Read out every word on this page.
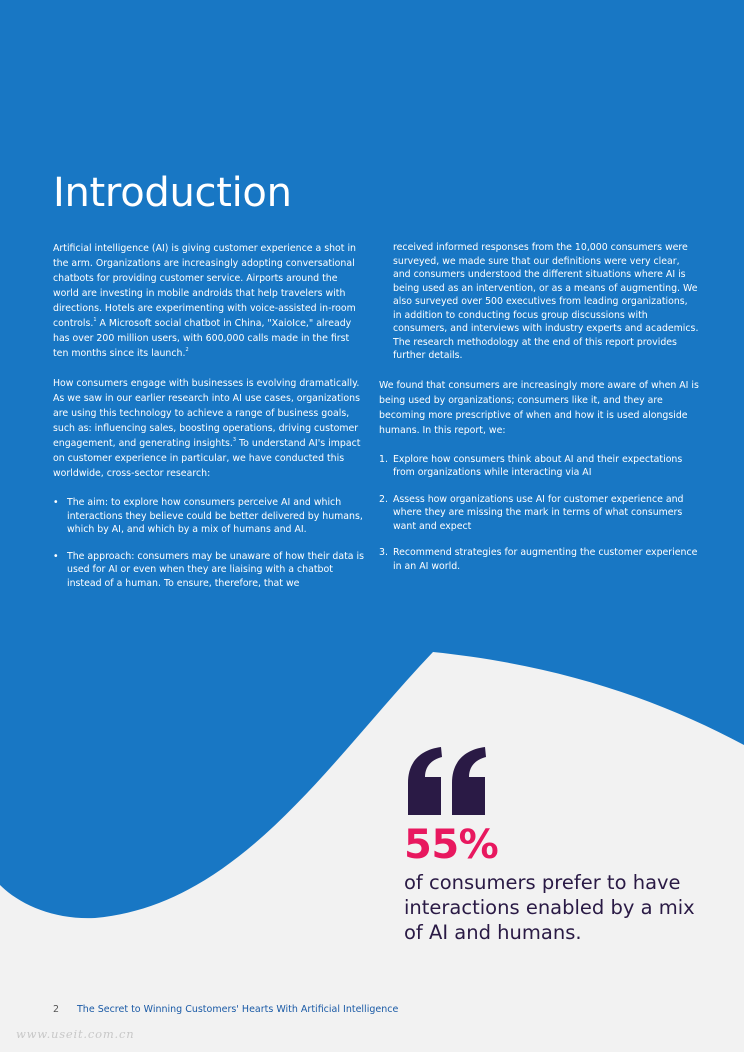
Introduction

Artificial intelligence (AI) is giving customer experience a shot in the arm. Organizations are increasingly adopting conversational chatbots for providing customer service. Airports around the world are investing in mobile androids that help travelers with directions. Hotels are experimenting with voice-assisted in-room controls.$^1$ A Microsoft social chatbot in China, "XaioIce," already has over 200 million users, with 600,000 calls made in the first ten months since its launch.$^2$

How consumers engage with businesses is evolving dramatically. As we saw in our earlier research into AI use cases, organizations are using this technology to achieve a range of business goals, such as: influencing sales, boosting operations, driving customer engagement, and generating insights.$^3$ To understand AI's impact on customer experience in particular, we have conducted this worldwide, cross-sector research:

• The aim: to explore how consumers perceive AI and which interactions they believe could be better delivered by humans, which by AI, and which by a mix of humans and AI.
• The approach: consumers may be unaware of how their data is used for AI or even when they are liaising with a chatbot instead of a human. To ensure, therefore, that we

received informed responses from the 10,000 consumers were surveyed, we made sure that our definitions were very clear, and consumers understood the different situations where AI is being used as an intervention, or as a means of augmenting. We also surveyed over 500 executives from leading organizations, in addition to conducting focus group discussions with consumers, and interviews with industry experts and academics. The research methodology at the end of this report provides further details.

We found that consumers are increasingly more aware of when AI is being used by organizations; consumers like it, and they are becoming more prescriptive of when and how it is used alongside humans. In this report, we:

1. Explore how consumers think about AI and their expectations from organizations while interacting via AI
2. Assess how organizations use AI for customer experience and where they are missing the mark in terms of what consumers want and expect
3. Recommend strategies for augmenting the customer experience in an AI world.
55%
of consumers prefer to have interactions enabled by a mix of AI and humans.
2 The Secret to Winning Customers' Hearts With Artificial Intelligence
www.useit.com.cn
